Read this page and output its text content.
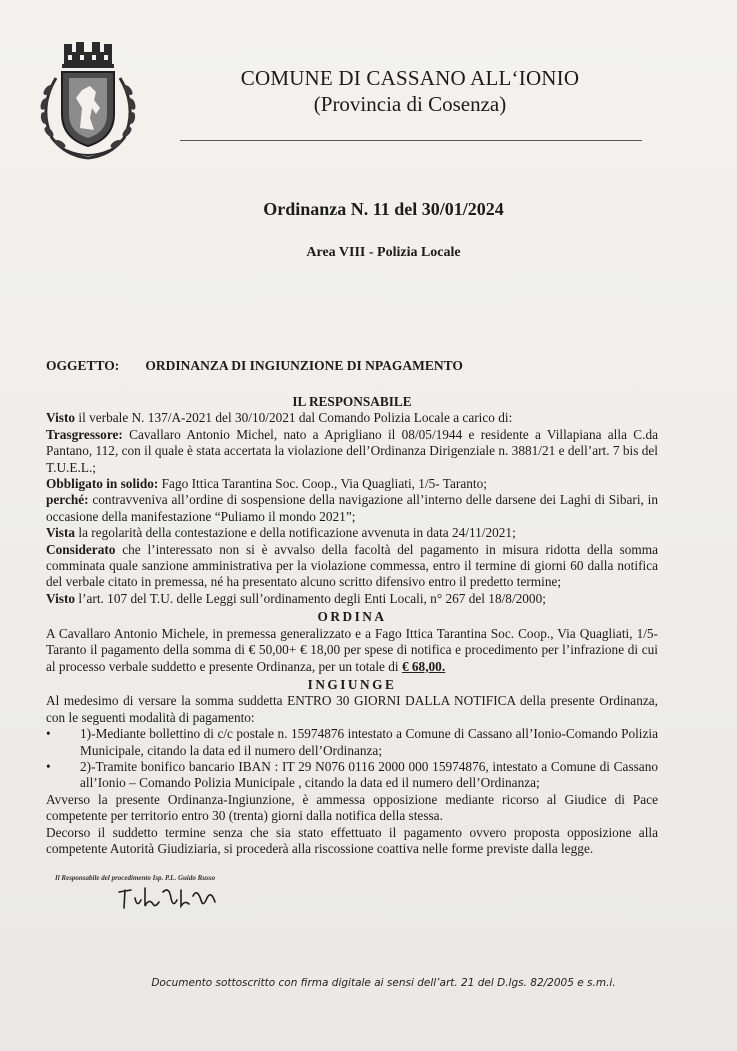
COMUNE DI CASSANO ALL‘IONIO
(Provincia di Cosenza)
Ordinanza N. 11 del 30/01/2024
Area VIII - Polizia Locale
OGGETTO: ORDINANZA DI INGIUNZIONE DI NPAGAMENTO

IL RESPONSABILE

Visto il verbale N. 137/A-2021 del 30/10/2021 dal Comando Polizia Locale a carico di:

Trasgressore: Cavallaro Antonio Michel, nato a Aprigliano il 08/05/1944 e residente a Villapiana alla C.da Pantano, 112, con il quale è stata accertata la violazione dell’Ordinanza Dirigenziale n. 3881/21 e dell’art. 7 bis del T.U.E.L.;

Obbligato in solido: Fago Ittica Tarantina Soc. Coop., Via Quagliati, 1/5- Taranto;

perché: contravveniva all’ordine di sospensione della navigazione all’interno delle darsene dei Laghi di Sibari, in occasione della manifestazione “Puliamo il mondo 2021”;

Vista la regolarità della contestazione e della notificazione avvenuta in data 24/11/2021;

Considerato che l’interessato non si è avvalso della facoltà del pagamento in misura ridotta della somma comminata quale sanzione amministrativa per la violazione commessa, entro il termine di giorni 60 dalla notifica del verbale citato in premessa, né ha presentato alcuno scritto difensivo entro il predetto termine;

Visto l’art. 107 del T.U. delle Leggi sull’ordinamento degli Enti Locali, n° 267 del 18/8/2000;

ORDINA

A Cavallaro Antonio Michele, in premessa generalizzato e a Fago Ittica Tarantina Soc. Coop., Via Quagliati, 1/5- Taranto il pagamento della somma di € 50,00+ € 18,00 per spese di notifica e procedimento per l’infrazione di cui al processo verbale suddetto e presente Ordinanza, per un totale di € 68,00.

INGIUNGE

Al medesimo di versare la somma suddetta ENTRO 30 GIORNI DALLA NOTIFICA della presente Ordinanza, con le seguenti modalità di pagamento:

• 1)-Mediante bollettino di c/c postale n. 15974876 intestato a Comune di Cassano all’Ionio-Comando Polizia Municipale, citando la data ed il numero dell’Ordinanza;
• 2)-Tramite bonifico bancario IBAN : IT 29 N076 0116 2000 000 15974876, intestato a Comune di Cassano all’Ionio – Comando Polizia Municipale , citando la data ed il numero dell’Ordinanza;

Avverso la presente Ordinanza-Ingiunzione, è ammessa opposizione mediante ricorso al Giudice di Pace competente per territorio entro 30 (trenta) giorni dalla notifica della stessa.

Decorso il suddetto termine senza che sia stato effettuato il pagamento ovvero proposta opposizione alla competente Autorità Giudiziaria, si procederà alla riscossione coattiva nelle forme previste dalla legge.

Il Responsabile del procedimento Isp. P.L. Guido Russo
Documento sottoscritto con firma digitale ai sensi dell’art. 21 del D.lgs. 82/2005 e s.m.i.
